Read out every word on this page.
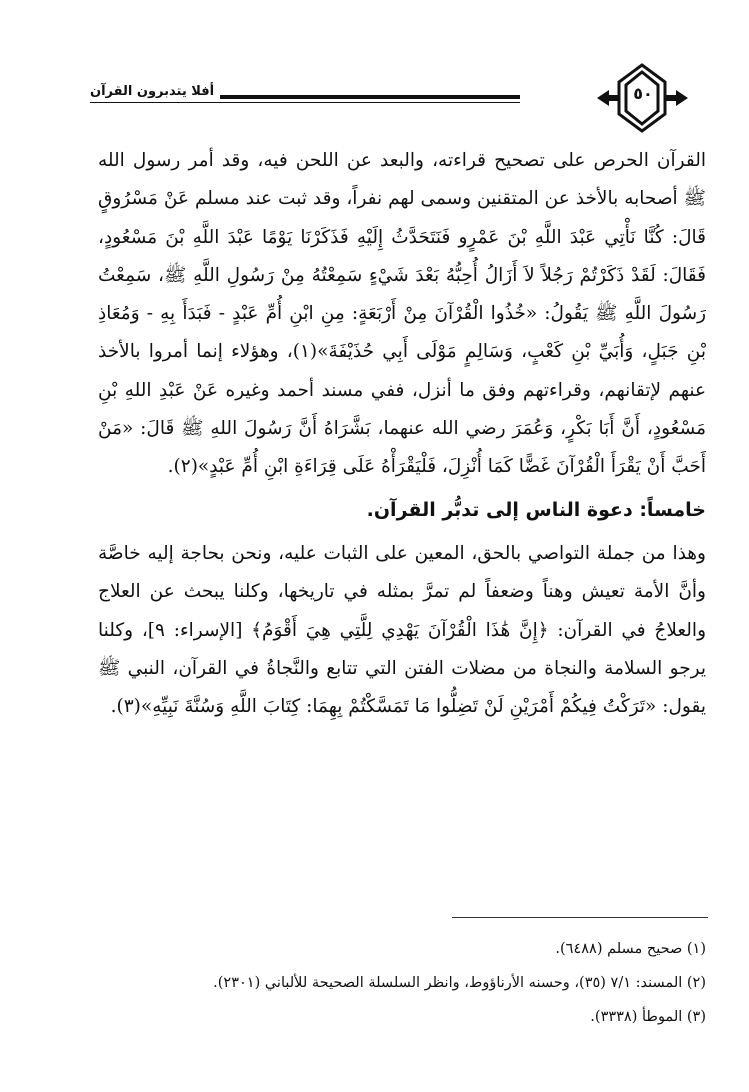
أفلا يتدبرون القرآن	٥٠

القرآن الحرص على تصحيح قراءته، والبعد عن اللحن فيه، وقد أمر رسول الله ﷺ أصحابه بالأخذ عن المتقنين وسمى لهم نفراً، وقد ثبت عند مسلم عَنْ مَسْرُوقٍ قَالَ: كُنَّا نَأْتِي عَبْدَ اللَّهِ بْنَ عَمْرٍو فَنَتَحَدَّثُ إِلَيْهِ فَذَكَرْنَا يَوْمًا عَبْدَ اللَّهِ بْنَ مَسْعُودٍ، فَقَالَ: لَقَدْ ذَكَرْتُمْ رَجُلاً لاَ أَزَالُ أُحِبُّهُ بَعْدَ شَيْءٍ سَمِعْتُهُ مِنْ رَسُولِ اللَّهِ ﷺ، سَمِعْتُ رَسُولَ اللَّهِ ﷺ يَقُولُ: «خُذُوا الْقُرْآنَ مِنْ أَرْبَعَةٍ: مِنِ ابْنِ أُمِّ عَبْدٍ - فَبَدَأَ بِهِ - وَمُعَاذِ بْنِ جَبَلٍ، وَأُبَيِّ بْنِ كَعْبٍ، وَسَالِمٍ مَوْلَى أَبِي حُذَيْفَةَ»(١)، وهؤلاء إنما أمروا بالأخذ عنهم لإتقانهم، وقراءتهم وفق ما أنزل، ففي مسند أحمد وغيره عَنْ عَبْدِ اللهِ بْنِ مَسْعُودٍ، أَنَّ أَبَا بَكْرٍ، وَعُمَرَ رضي الله عنهما، بَشَّرَاهُ أَنَّ رَسُولَ اللهِ ﷺ قَالَ: «مَنْ أَحَبَّ أَنْ يَقْرَأَ الْقُرْآنَ غَضًّا كَمَا أُنْزِلَ، فَلْيَقْرَأْهُ عَلَى قِرَاءَةِ ابْنِ أُمِّ عَبْدٍ»(٢).

خامساً: دعوة الناس إلى تدبُّر القرآن.

وهذا من جملة التواصي بالحق، المعين على الثبات عليه، ونحن بحاجة إليه خاصَّة وأنَّ الأمة تعيش وهناً وضعفاً لم تمرَّ بمثله في تاريخها، وكلنا يبحث عن العلاج والعلاجُ في القرآن: ﴿إِنَّ هَٰذَا الْقُرْآنَ يَهْدِي لِلَّتِي هِيَ أَقْوَمُ﴾ [الإسراء: ٩]، وكلنا يرجو السلامة والنجاة من مضلات الفتن التي تتابع والنَّجاةُ في القرآن، النبي ﷺ يقول: «تَرَكْتُ فِيكُمْ أَمْرَيْنِ لَنْ تَضِلُّوا مَا تَمَسَّكْتُمْ بِهِمَا: كِتَابَ اللَّهِ وَسُنَّةَ نَبِيِّهِ»(٣).

(١) صحيح مسلم (٦٤٨٨).
(٢) المسند: ٧/١ (٣٥)، وحسنه الأرناؤوط، وانظر السلسلة الصحيحة للألباني (٢٣٠١).
(٣) الموطأ (٣٣٣٨).
